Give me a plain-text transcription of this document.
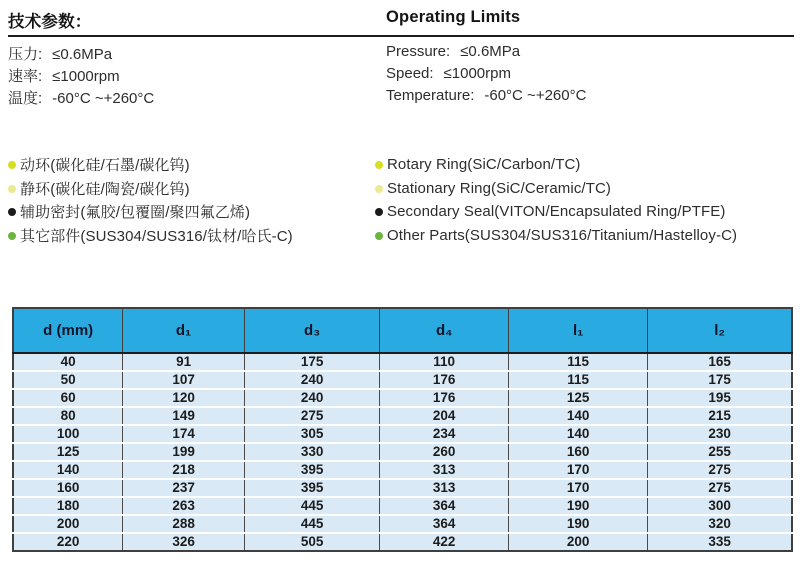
技术参数：	Operating Limits
压力: ≤0.6MPa
速率: ≤1000rpm
温度: -60°C ~+260°C
Pressure: ≤0.6MPa
Speed: ≤1000rpm
Temperature: -60°C ~+260°C
动环(碳化硅/石墨/碳化钨)
静环(碳化硅/陶瓷/碳化钨)
辅助密封(氟胶/包覆圈/聚四氟乙烯)
其它部件(SUS304/SUS316/钛材/哈氏-C)
Rotary Ring(SiC/Carbon/TC)
Stationary Ring(SiC/Ceramic/TC)
Secondary Seal(VITON/Encapsulated Ring/PTFE)
Other Parts(SUS304/SUS316/Titanium/Hastelloy-C)
d (mm)	d₁	d₃	d₄	l₁	l₂
40	91	175	110	115	165
50	107	240	176	115	175
60	120	240	176	125	195
80	149	275	204	140	215
100	174	305	234	140	230
125	199	330	260	160	255
140	218	395	313	170	275
160	237	395	313	170	275
180	263	445	364	190	300
200	288	445	364	190	320
220	326	505	422	200	335
